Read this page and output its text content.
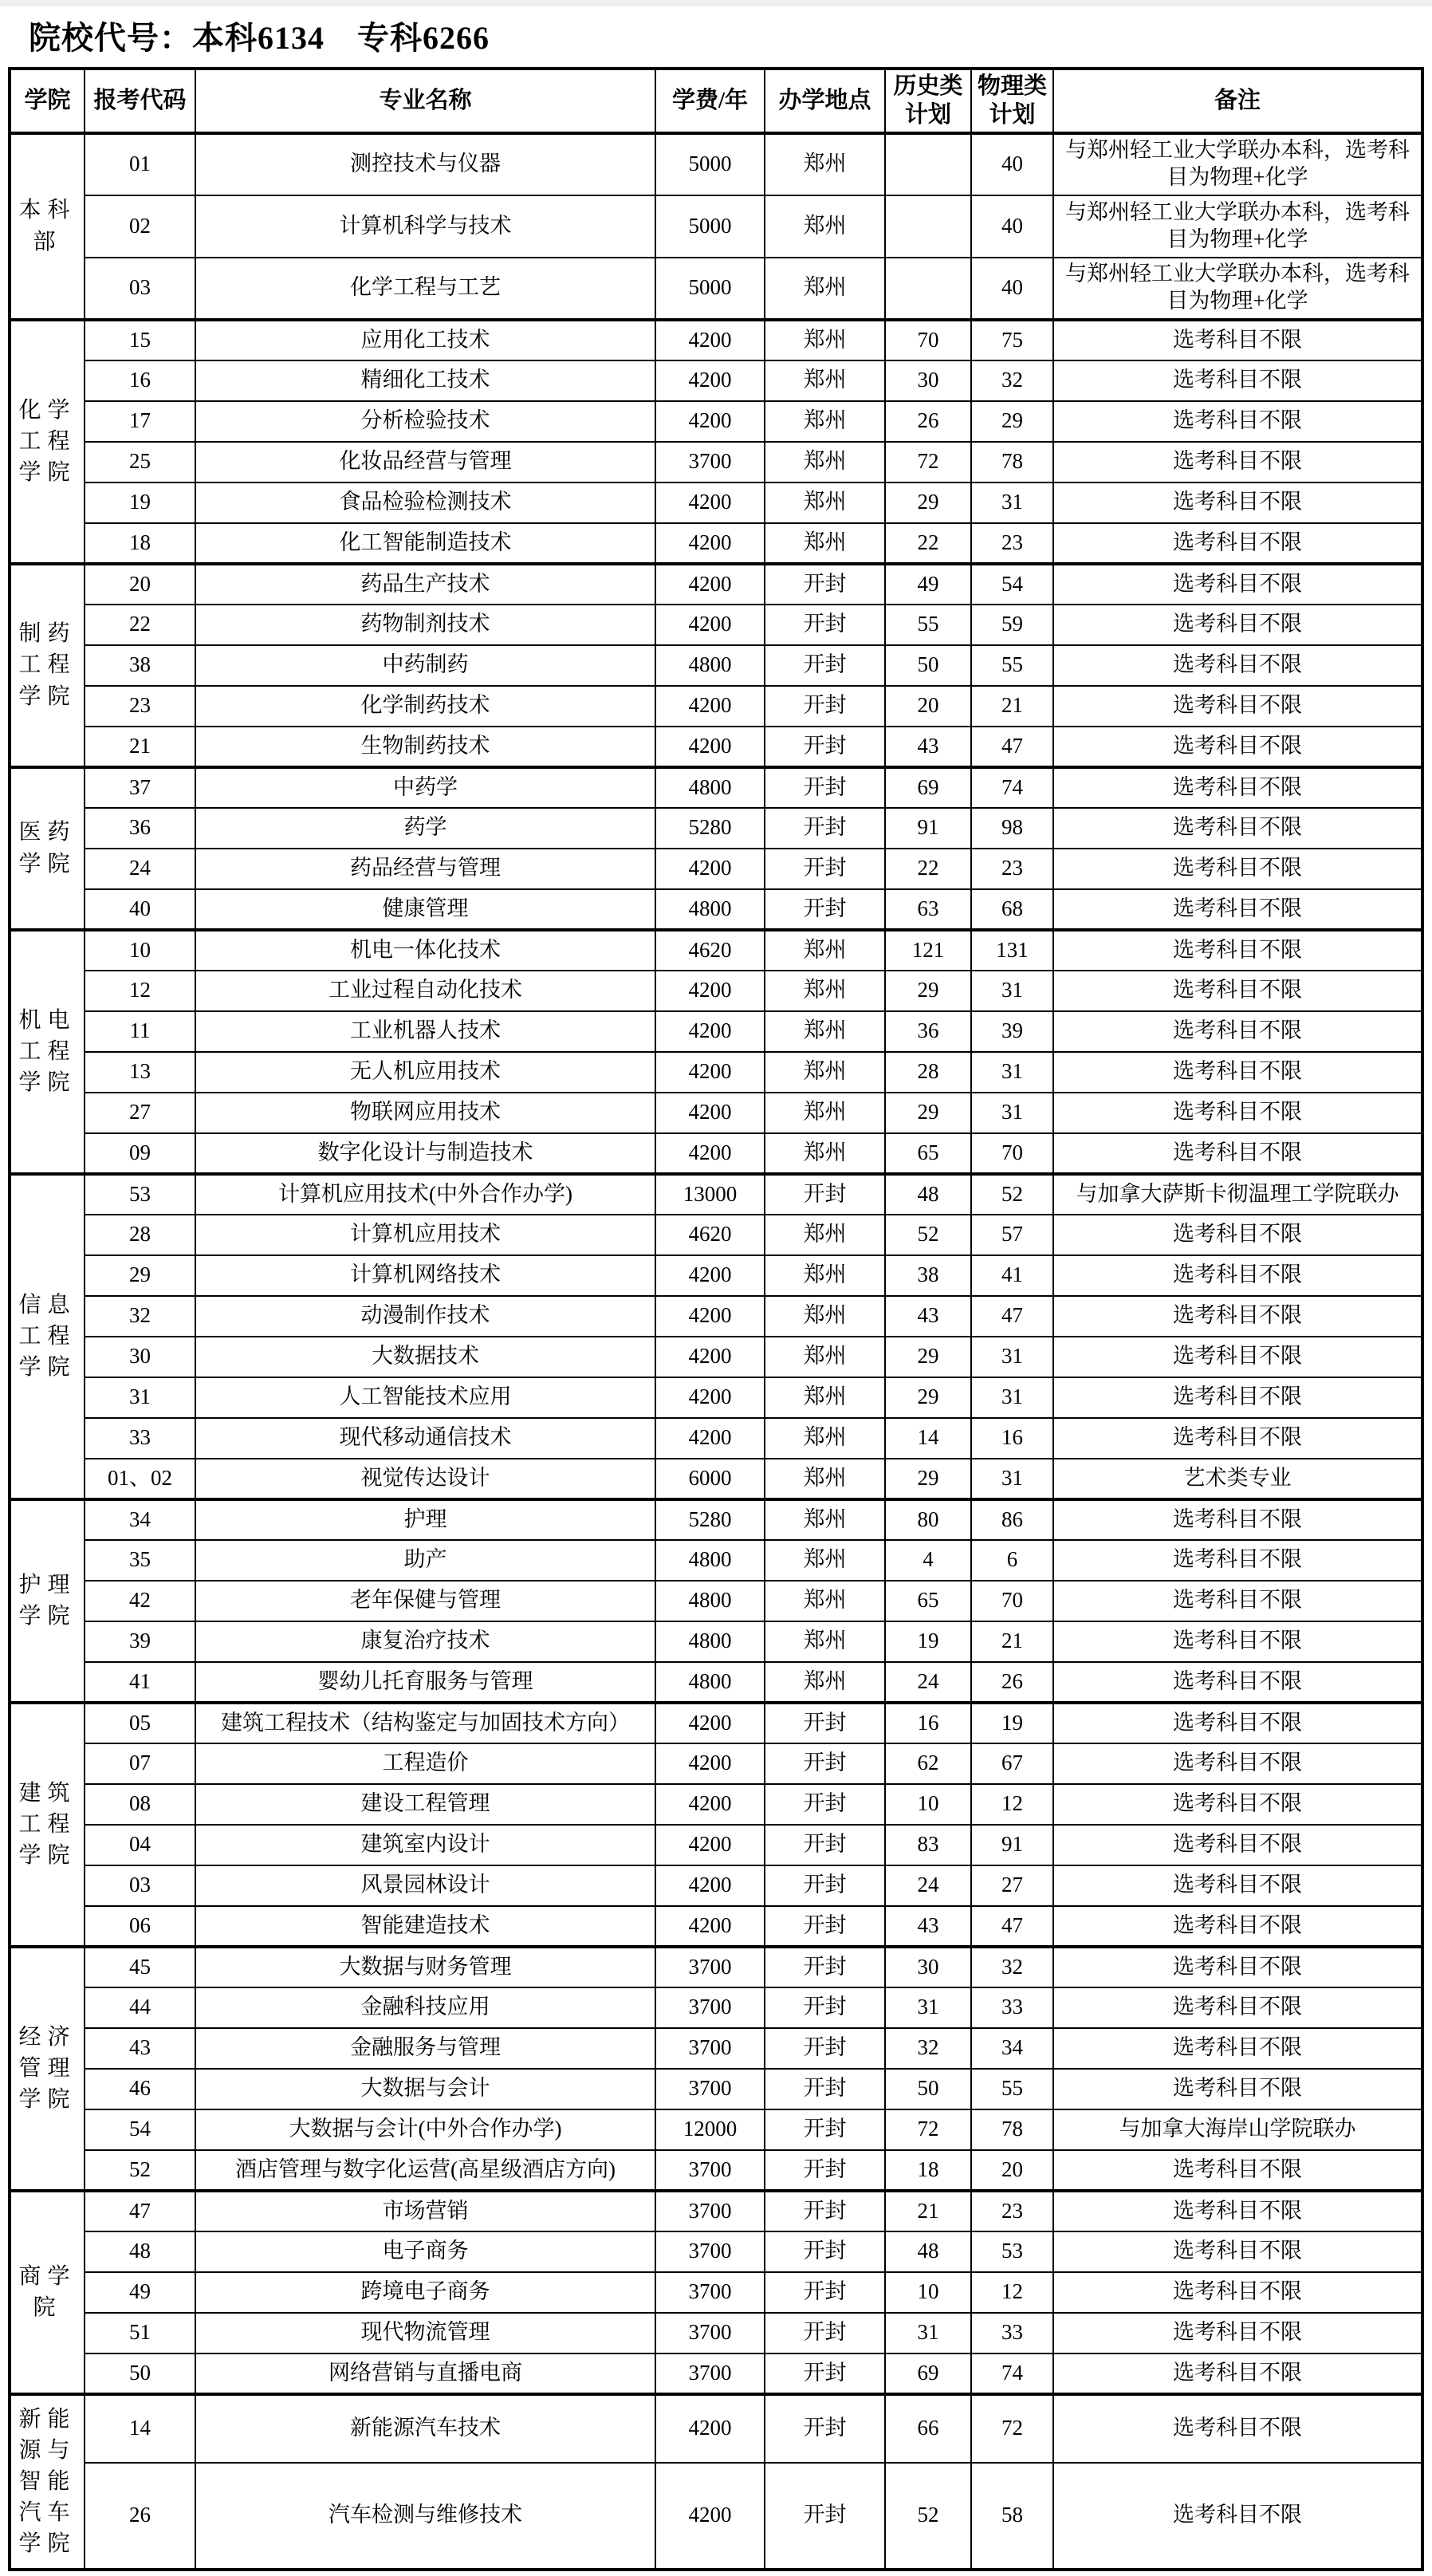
院校代号：本科6134　专科6266
学院	报考代码	专业名称	学费/年	办学地点	历史类计划	物理类计划	备注
本科部	01	测控技术与仪器	5000	郑州		40	与郑州轻工业大学联办本科，选考科目为物理+化学
	02	计算机科学与技术	5000	郑州		40	与郑州轻工业大学联办本科，选考科目为物理+化学
	03	化学工程与工艺	5000	郑州		40	与郑州轻工业大学联办本科，选考科目为物理+化学
化学工程学院	15	应用化工技术	4200	郑州	70	75	选考科目不限
	16	精细化工技术	4200	郑州	30	32	选考科目不限
	17	分析检验技术	4200	郑州	26	29	选考科目不限
	25	化妆品经营与管理	3700	郑州	72	78	选考科目不限
	19	食品检验检测技术	4200	郑州	29	31	选考科目不限
	18	化工智能制造技术	4200	郑州	22	23	选考科目不限
制药工程学院	20	药品生产技术	4200	开封	49	54	选考科目不限
	22	药物制剂技术	4200	开封	55	59	选考科目不限
	38	中药制药	4800	开封	50	55	选考科目不限
	23	化学制药技术	4200	开封	20	21	选考科目不限
	21	生物制药技术	4200	开封	43	47	选考科目不限
医药学院	37	中药学	4800	开封	69	74	选考科目不限
	36	药学	5280	开封	91	98	选考科目不限
	24	药品经营与管理	4200	开封	22	23	选考科目不限
	40	健康管理	4800	开封	63	68	选考科目不限
机电工程学院	10	机电一体化技术	4620	郑州	121	131	选考科目不限
	12	工业过程自动化技术	4200	郑州	29	31	选考科目不限
	11	工业机器人技术	4200	郑州	36	39	选考科目不限
	13	无人机应用技术	4200	郑州	28	31	选考科目不限
	27	物联网应用技术	4200	郑州	29	31	选考科目不限
	09	数字化设计与制造技术	4200	郑州	65	70	选考科目不限
信息工程学院	53	计算机应用技术(中外合作办学)	13000	开封	48	52	与加拿大萨斯卡彻温理工学院联办
	28	计算机应用技术	4620	郑州	52	57	选考科目不限
	29	计算机网络技术	4200	郑州	38	41	选考科目不限
	32	动漫制作技术	4200	郑州	43	47	选考科目不限
	30	大数据技术	4200	郑州	29	31	选考科目不限
	31	人工智能技术应用	4200	郑州	29	31	选考科目不限
	33	现代移动通信技术	4200	郑州	14	16	选考科目不限
	01、02	视觉传达设计	6000	郑州	29	31	艺术类专业
护理学院	34	护理	5280	郑州	80	86	选考科目不限
	35	助产	4800	郑州	4	6	选考科目不限
	42	老年保健与管理	4800	郑州	65	70	选考科目不限
	39	康复治疗技术	4800	郑州	19	21	选考科目不限
	41	婴幼儿托育服务与管理	4800	郑州	24	26	选考科目不限
建筑工程学院	05	建筑工程技术（结构鉴定与加固技术方向）	4200	开封	16	19	选考科目不限
	07	工程造价	4200	开封	62	67	选考科目不限
	08	建设工程管理	4200	开封	10	12	选考科目不限
	04	建筑室内设计	4200	开封	83	91	选考科目不限
	03	风景园林设计	4200	开封	24	27	选考科目不限
	06	智能建造技术	4200	开封	43	47	选考科目不限
经济管理学院	45	大数据与财务管理	3700	开封	30	32	选考科目不限
	44	金融科技应用	3700	开封	31	33	选考科目不限
	43	金融服务与管理	3700	开封	32	34	选考科目不限
	46	大数据与会计	3700	开封	50	55	选考科目不限
	54	大数据与会计(中外合作办学)	12000	开封	72	78	与加拿大海岸山学院联办
	52	酒店管理与数字化运营(高星级酒店方向)	3700	开封	18	20	选考科目不限
商学院	47	市场营销	3700	开封	21	23	选考科目不限
	48	电子商务	3700	开封	48	53	选考科目不限
	49	跨境电子商务	3700	开封	10	12	选考科目不限
	51	现代物流管理	3700	开封	31	33	选考科目不限
	50	网络营销与直播电商	3700	开封	69	74	选考科目不限
新能源与智能汽车学院	14	新能源汽车技术	4200	开封	66	72	选考科目不限
	26	汽车检测与维修技术	4200	开封	52	58	选考科目不限
